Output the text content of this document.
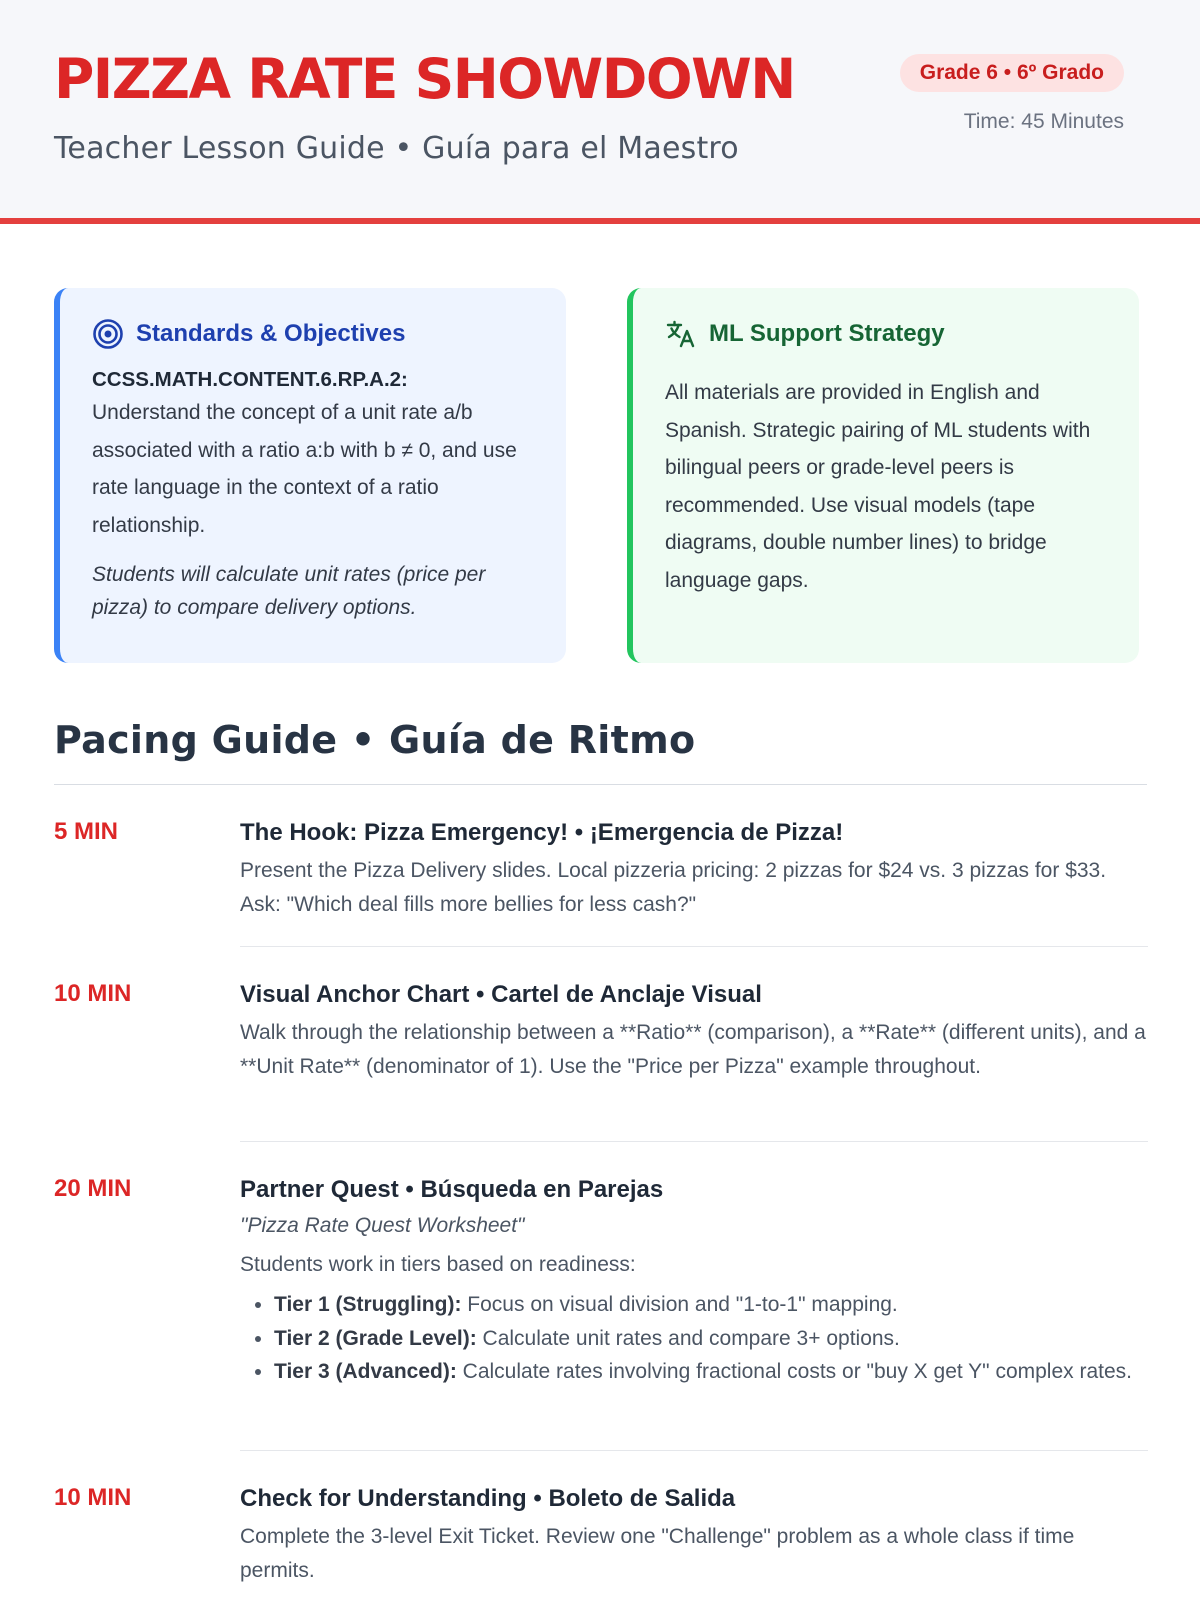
PIZZA RATE SHOWDOWN
Teacher Lesson Guide • Guía para el Maestro
Grade 6 • 6º Grado
Time: 45 Minutes
Standards & Objectives
CCSS.MATH.CONTENT.6.RP.A.2:
Understand the concept of a unit rate a/b associated with a ratio a:b with b ≠ 0, and use rate language in the context of a ratio relationship.
Students will calculate unit rates (price per pizza) to compare delivery options.
ML Support Strategy
All materials are provided in English and Spanish. Strategic pairing of ML students with bilingual peers or grade-level peers is recommended. Use visual models (tape diagrams, double number lines) to bridge language gaps.
Pacing Guide • Guía de Ritmo
5 MIN	The Hook: Pizza Emergency! • ¡Emergencia de Pizza!
Present the Pizza Delivery slides. Local pizzeria pricing: 2 pizzas for $24 vs. 3 pizzas for $33. Ask: "Which deal fills more bellies for less cash?"
10 MIN	Visual Anchor Chart • Cartel de Anclaje Visual
Walk through the relationship between a **Ratio** (comparison), a **Rate** (different units), and a **Unit Rate** (denominator of 1). Use the "Price per Pizza" example throughout.
20 MIN	Partner Quest • Búsqueda en Parejas
"Pizza Rate Quest Worksheet"
Students work in tiers based on readiness:
• Tier 1 (Struggling): Focus on visual division and "1-to-1" mapping.
• Tier 2 (Grade Level): Calculate unit rates and compare 3+ options.
• Tier 3 (Advanced): Calculate rates involving fractional costs or "buy X get Y" complex rates.
10 MIN	Check for Understanding • Boleto de Salida
Complete the 3-level Exit Ticket. Review one "Challenge" problem as a whole class if time permits.
